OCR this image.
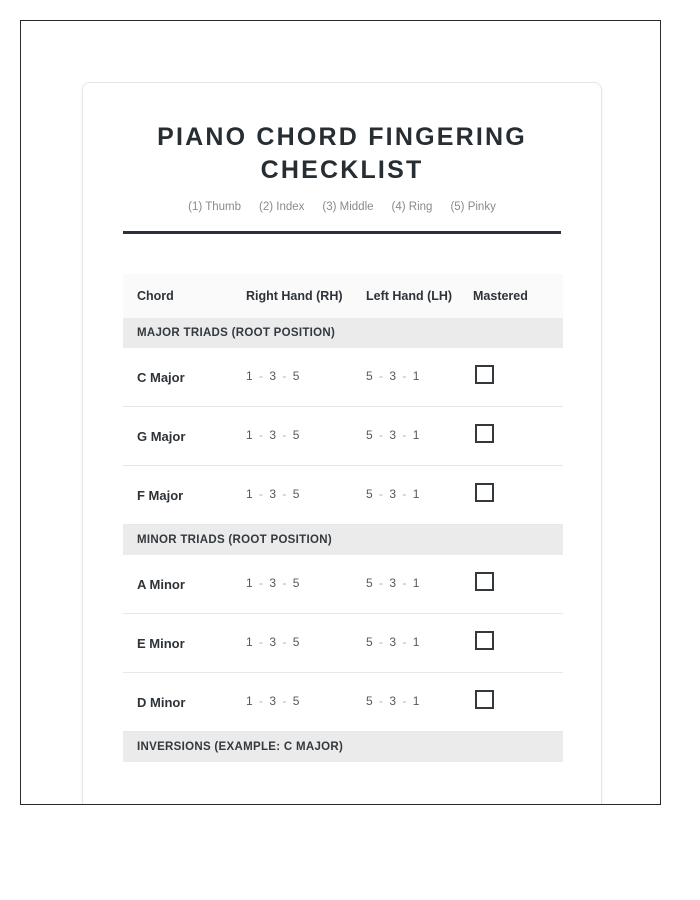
PIANO CHORD FINGERING CHECKLIST
(1) Thumb (2) Index (3) Middle (4) Ring (5) Pinky
Chord	Right Hand (RH)	Left Hand (LH)	Mastered
MAJOR TRIADS (ROOT POSITION)			
C Major	1 - 3 - 5	5 - 3 - 1	
G Major	1 - 3 - 5	5 - 3 - 1	
F Major	1 - 3 - 5	5 - 3 - 1	
MINOR TRIADS (ROOT POSITION)			
A Minor	1 - 3 - 5	5 - 3 - 1	
E Minor	1 - 3 - 5	5 - 3 - 1	
D Minor	1 - 3 - 5	5 - 3 - 1	
INVERSIONS (EXAMPLE: C MAJOR)			
